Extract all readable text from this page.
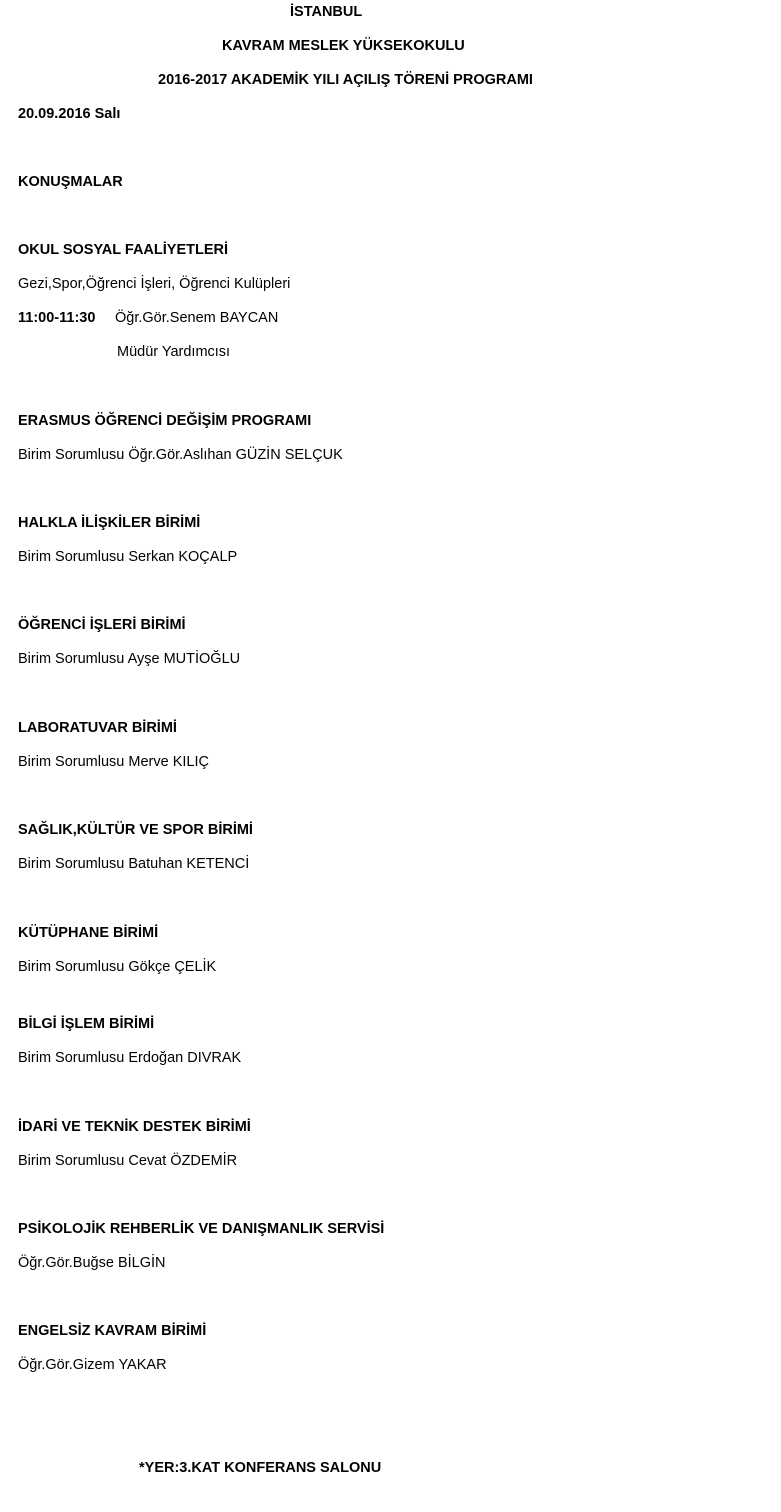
İSTANBUL
KAVRAM MESLEK YÜKSEKOKULU
2016-2017 AKADEMİK YILI AÇILIŞ TÖRENİ PROGRAMI
20.09.2016 Salı
KONUŞMALAR
OKUL SOSYAL FAALİYETLERİ
Gezi,Spor,Öğrenci İşleri, Öğrenci Kulüpleri
11:00-11:30 Öğr.Gör.Senem BAYCAN
Müdür Yardımcısı
ERASMUS ÖĞRENCİ DEĞİŞİM PROGRAMI
Birim Sorumlusu Öğr.Gör.Aslıhan GÜZİN SELÇUK
HALKLA İLİŞKİLER BİRİMİ
Birim Sorumlusu Serkan KOÇALP
ÖĞRENCİ İŞLERİ BİRİMİ
Birim Sorumlusu Ayşe MUTİOĞLU
LABORATUVAR BİRİMİ
Birim Sorumlusu Merve KILIÇ
SAĞLIK,KÜLTÜR VE SPOR BİRİMİ
Birim Sorumlusu Batuhan KETENCİ
KÜTÜPHANE BİRİMİ
Birim Sorumlusu Gökçe ÇELİK
BİLGİ İŞLEM BİRİMİ
Birim Sorumlusu Erdoğan DIVRAK
İDARİ VE TEKNİK DESTEK BİRİMİ
Birim Sorumlusu Cevat ÖZDEMİR
PSİKOLOJİK REHBERLİK VE DANIŞMANLIK SERVİSİ
Öğr.Gör.Buğse BİLGİN
ENGELSİZ KAVRAM BİRİMİ
Öğr.Gör.Gizem YAKAR
*YER:3.KAT KONFERANS SALONU
